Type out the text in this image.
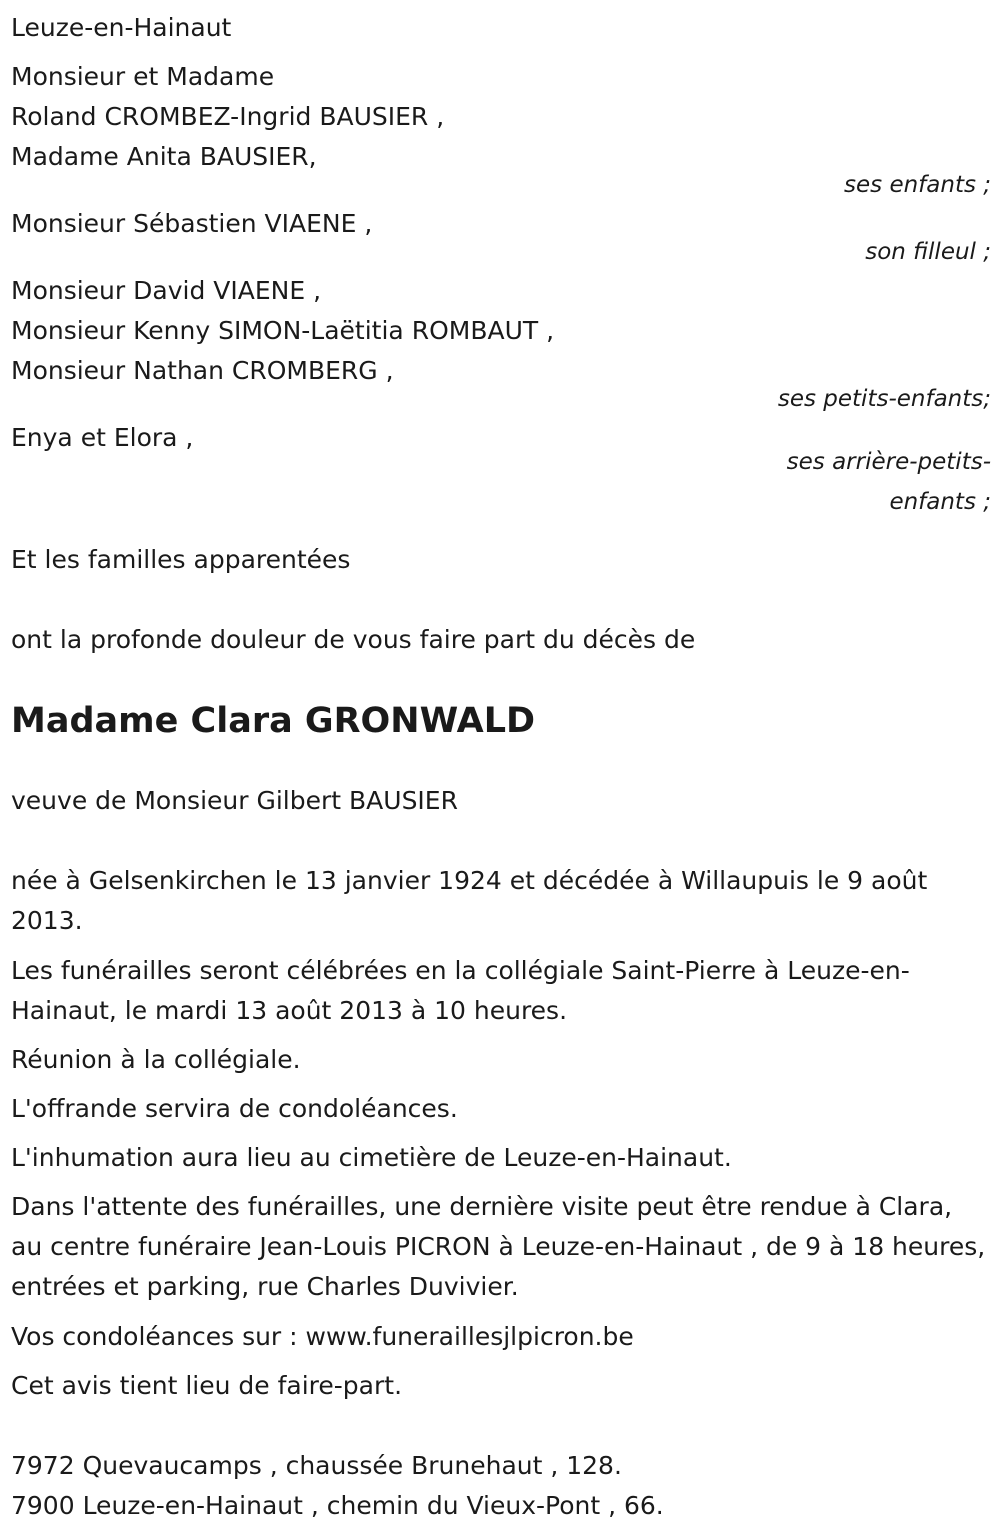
Leuze-en-Hainaut

Monsieur et Madame

Roland CROMBEZ-Ingrid BAUSIER ,

Madame Anita BAUSIER,

ses enfants ;

Monsieur Sébastien VIAENE ,

son filleul ;

Monsieur David VIAENE ,

Monsieur Kenny SIMON-Laëtitia ROMBAUT ,

Monsieur Nathan CROMBERG ,

ses petits-enfants;

Enya et Elora ,

ses arrière-petits-

enfants ;

Et les familles apparentées

ont la profonde douleur de vous faire part du décès de

Madame Clara GRONWALD

veuve de Monsieur Gilbert BAUSIER

née à Gelsenkirchen le 13 janvier 1924 et décédée à Willaupuis le 9 août 2013.

Les funérailles seront célébrées en la collégiale Saint-Pierre à Leuze-en-Hainaut, le mardi 13 août 2013 à 10 heures.

Réunion à la collégiale.

L'offrande servira de condoléances.

L'inhumation aura lieu au cimetière de Leuze-en-Hainaut.

Dans l'attente des funérailles, une dernière visite peut être rendue à Clara, au centre funéraire Jean-Louis PICRON à Leuze-en-Hainaut , de 9 à 18 heures, entrées et parking, rue Charles Duvivier.

Vos condoléances sur : www.funeraillesjlpicron.be

Cet avis tient lieu de faire-part.

7972 Quevaucamps , chaussée Brunehaut , 128.

7900 Leuze-en-Hainaut , chemin du Vieux-Pont , 66.
